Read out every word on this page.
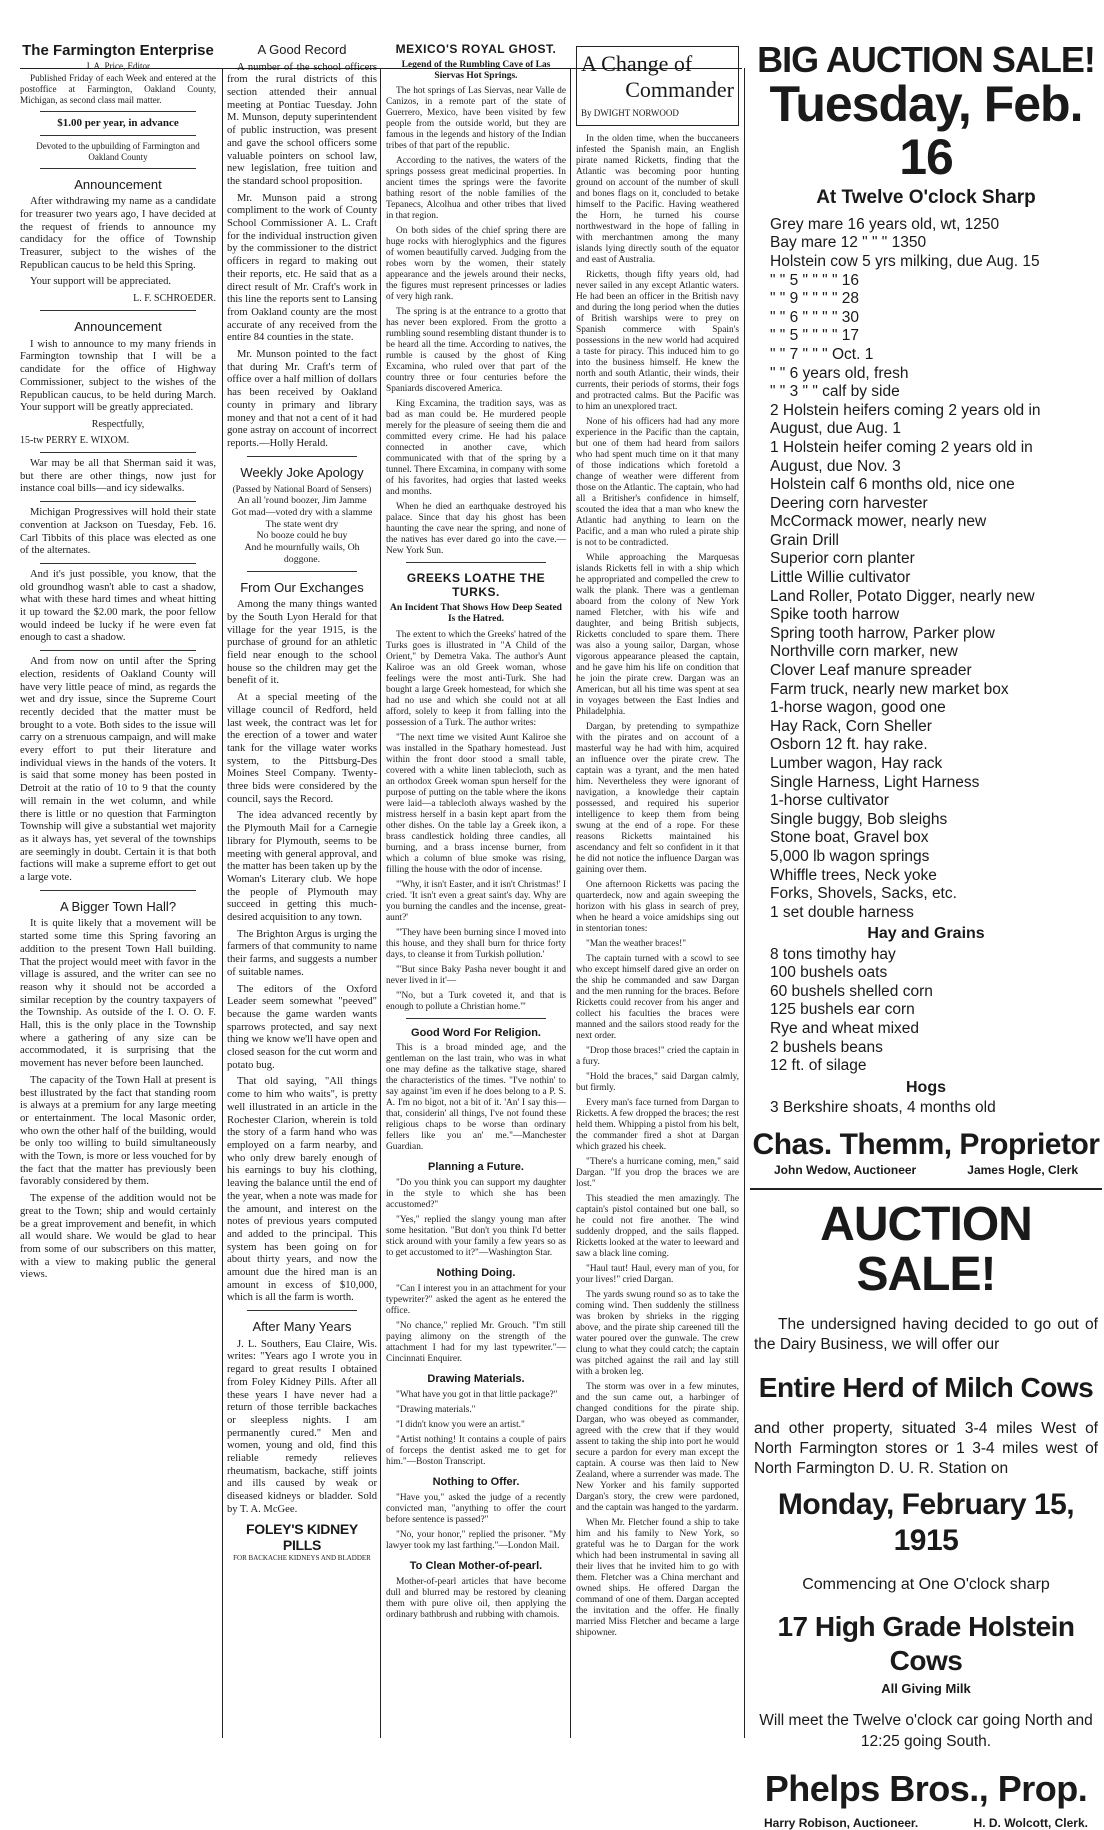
The Farmington Enterprise
J. A. Price, Editor

Published Friday of each Week and entered at the postoffice at Farmington, Oakland County, Michigan, as second class mail matter.

$1.00 per year, in advance
Devoted to the upbuilding of Farmington and Oakland County
Announcement

After withdrawing my name as a candidate for treasurer two years ago, I have decided at the request of friends to announce my candidacy for the office of Township Treasurer, subject to the wishes of the Republican caucus to be held this Spring.

Your support will be appreciated.

L. F. SCHROEDER.
Announcement

I wish to announce to my many friends in Farmington township that I will be a candidate for the office of Highway Commissioner, subject to the wishes of the Republican caucus, to be held during March. Your support will be greatly appreciated.

Respectfully,
15-tw PERRY E. WIXOM.

War may be all that Sherman said it was, but there are other things, now just for instance coal bills—and icy sidewalks.

Michigan Progressives will hold their state convention at Jackson on Tuesday, Feb. 16. Carl Tibbits of this place was elected as one of the alternates.

And it's just possible, you know, that the old groundhog wasn't able to cast a shadow, what with these hard times and wheat hitting it up toward the $2.00 mark, the poor fellow would indeed be lucky if he were even fat enough to cast a shadow.

And from now on until after the Spring election, residents of Oakland County will have very little peace of mind, as regards the wet and dry issue, since the Supreme Court recently decided that the matter must be brought to a vote. Both sides to the issue will carry on a strenuous campaign, and will make every effort to put their literature and individual views in the hands of the voters. It is said that some money has been posted in Detroit at the ratio of 10 to 9 that the county will remain in the wet column, and while there is little or no question that Farmington Township will give a substantial wet majority as it always has, yet several of the townships are seemingly in doubt. Certain it is that both factions will make a supreme effort to get out a large vote.

A Bigger Town Hall?

It is quite likely that a movement will be started some time this Spring favoring an addition to the present Town Hall building. That the project would meet with favor in the village is assured, and the writer can see no reason why it should not be accorded a similar reception by the country taxpayers of the Township. As outside of the I. O. O. F. Hall, this is the only place in the Township where a gathering of any size can be accommodated, it is surprising that the movement has never before been launched.

The capacity of the Town Hall at present is best illustrated by the fact that standing room is always at a premium for any large meeting or entertainment. The local Masonic order, who own the other half of the building, would be only too willing to build simultaneously with the Town, is more or less vouched for by the fact that the matter has previously been favorably considered by them.

The expense of the addition would not be great to the Town; ship and would certainly be a great improvement and benefit, in which all would share. We would be glad to hear from some of our subscribers on this matter, with a view to making public the general views.

A Good Record

A number of the school officers from the rural districts of this section attended their annual meeting at Pontiac Tuesday. John M. Munson, deputy superintendent of public instruction, was present and gave the school officers some valuable pointers on school law, new legislation, free tuition and the standard school proposition.

Mr. Munson paid a strong compliment to the work of County School Commissioner A. L. Craft for the individual instruction given by the commissioner to the district officers in regard to making out their reports, etc. He said that as a direct result of Mr. Craft's work in this line the reports sent to Lansing from Oakland county are the most accurate of any received from the entire 84 counties in the state.

Mr. Munson pointed to the fact that during Mr. Craft's term of office over a half million of dollars has been received by Oakland county in primary and library money and that not a cent of it had gone astray on account of incorrect reports.—Holly Herald.

Weekly Joke Apology
(Passed by National Board of Sensers)
An all 'round boozer, Jim Jamme
Got mad—voted dry with a slamme
The state went dry
No booze could he buy
And he mournfully wails, Oh doggone.
From Our Exchanges

Among the many things wanted by the South Lyon Herald for that village for the year 1915, is the purchase of ground for an athletic field near enough to the school house so the children may get the benefit of it.

At a special meeting of the village council of Redford, held last week, the contract was let for the erection of a tower and water tank for the village water works system, to the Pittsburg-Des Moines Steel Company. Twenty-three bids were considered by the council, says the Record.

The idea advanced recently by the Plymouth Mail for a Carnegie library for Plymouth, seems to be meeting with general approval, and the matter has been taken up by the Woman's Literary club. We hope the people of Plymouth may succeed in getting this much-desired acquisition to any town.

The Brighton Argus is urging the farmers of that community to name their farms, and suggests a number of suitable names.

The editors of the Oxford Leader seem somewhat "peeved" because the game warden wants sparrows protected, and say next thing we know we'll have open and closed season for the cut worm and potato bug.

That old saying, "All things come to him who waits", is pretty well illustrated in an article in the Rochester Clarion, wherein is told the story of a farm hand who was employed on a farm nearby, and who only drew barely enough of his earnings to buy his clothing, leaving the balance until the end of the year, when a note was made for the amount, and interest on the notes of previous years computed and added to the principal. This system has been going on for about thirty years, and now the amount due the hired man is an amount in excess of $10,000, which is all the farm is worth.

After Many Years

J. L. Southers, Eau Claire, Wis. writes: "Years ago I wrote you in regard to great results I obtained from Foley Kidney Pills. After all these years I have never had a return of those terrible backaches or sleepless nights. I am permanently cured." Men and women, young and old, find this reliable remedy relieves rheumatism, backache, stiff joints and ills caused by weak or diseased kidneys or bladder. Sold by T. A. McGee.

FOLEY'S KIDNEY PILLS
FOR BACKACHE KIDNEYS AND BLADDER
MEXICO'S ROYAL GHOST.
Legend of the Rumbling Cave of Las Siervas Hot Springs.

The hot springs of Las Siervas, near Valle de Canizos, in a remote part of the state of Guerrero, Mexico, have been visited by few people from the outside world, but they are famous in the legends and history of the Indian tribes of that part of the republic.

According to the natives, the waters of the springs possess great medicinal properties. In ancient times the springs were the favorite bathing resort of the noble families of the Tepanecs, Alcolhua and other tribes that lived in that region.

On both sides of the chief spring there are huge rocks with hieroglyphics and the figures of women beautifully carved. Judging from the robes worn by the women, their stately appearance and the jewels around their necks, the figures must represent princesses or ladies of very high rank.

The spring is at the entrance to a grotto that has never been explored. From the grotto a rumbling sound resembling distant thunder is to be heard all the time. According to natives, the rumble is caused by the ghost of King Excamina, who ruled over that part of the country three or four centuries before the Spaniards discovered America.

King Excamina, the tradition says, was as bad as man could be. He murdered people merely for the pleasure of seeing them die and committed every crime. He had his palace connected in another cave, which communicated with that of the spring by a tunnel. There Excamina, in company with some of his favorites, had orgies that lasted weeks and months.

When he died an earthquake destroyed his palace. Since that day his ghost has been haunting the cave near the spring, and none of the natives has ever dared go into the cave.—New York Sun.

GREEKS LOATHE THE TURKS.
An Incident That Shows How Deep Seated Is the Hatred.

The extent to which the Greeks' hatred of the Turks goes is illustrated in "A Child of the Orient," by Demetra Vaka. The author's Aunt Kaliroe was an old Greek woman, whose feelings were the most anti-Turk. She had bought a large Greek homestead, for which she had no use and which she could not at all afford, solely to keep it from falling into the possession of a Turk. The author writes:

"The next time we visited Aunt Kaliroe she was installed in the Spathary homestead. Just within the front door stood a small table, covered with a white linen tablecloth, such as an orthodox Greek woman spun herself for the purpose of putting on the table where the ikons were laid—a tablecloth always washed by the mistress herself in a basin kept apart from the other dishes. On the table lay a Greek ikon, a brass candlestick holding three candles, all burning, and a brass incense burner, from which a column of blue smoke was rising, filling the house with the odor of incense.

"'Why, it isn't Easter, and it isn't Christmas!' I cried. 'It isn't even a great saint's day. Why are you burning the candles and the incense, great-aunt?'

"'They have been burning since I moved into this house, and they shall burn for thrice forty days, to cleanse it from Turkish pollution.'

"'But since Baky Pasha never bought it and never lived in it'—

"'No, but a Turk coveted it, and that is enough to pollute a Christian home.'"

Good Word For Religion.

This is a broad minded age, and the gentleman on the last train, who was in what one may define as the talkative stage, shared the characteristics of the times. "I've nothin' to say against 'im even if he does belong to a P. S. A. I'm no bigot, not a bit of it. 'An' I say this—that, considerin' all things, I've not found these religious chaps to be worse than ordinary fellers like you an' me."—Manchester Guardian.

Planning a Future.

"Do you think you can support my daughter in the style to which she has been accustomed?"

"Yes," replied the slangy young man after some hesitation. "But don't you think I'd better stick around with your family a few years so as to get accustomed to it?"—Washington Star.

Nothing Doing.

"Can I interest you in an attachment for your typewriter?" asked the agent as he entered the office.

"No chance," replied Mr. Grouch. "I'm still paying alimony on the strength of the attachment I had for my last typewriter."—Cincinnati Enquirer.

Drawing Materials.

"What have you got in that little package?"

"Drawing materials."

"I didn't know you were an artist."

"Artist nothing! It contains a couple of pairs of forceps the dentist asked me to get for him."—Boston Transcript.

Nothing to Offer.

"Have you," asked the judge of a recently convicted man, "anything to offer the court before sentence is passed?"

"No, your honor," replied the prisoner. "My lawyer took my last farthing."—London Mail.

To Clean Mother-of-pearl.

Mother-of-pearl articles that have become dull and blurred may be restored by cleaning them with pure olive oil, then applying the ordinary bathbrush and rubbing with chamois.

A Change of
Commander
By DWIGHT NORWOOD

In the olden time, when the buccaneers infested the Spanish main, an English pirate named Ricketts, finding that the Atlantic was becoming poor hunting ground on account of the number of skull and bones flags on it, concluded to betake himself to the Pacific. Having weathered the Horn, he turned his course northwestward in the hope of falling in with merchantmen among the many islands lying directly south of the equator and east of Australia.

Ricketts, though fifty years old, had never sailed in any except Atlantic waters. He had been an officer in the British navy and during the long period when the duties of British warships were to prey on Spanish commerce with Spain's possessions in the new world had acquired a taste for piracy. This induced him to go into the business himself. He knew the north and south Atlantic, their winds, their currents, their periods of storms, their fogs and protracted calms. But the Pacific was to him an unexplored tract.

None of his officers had had any more experience in the Pacific than the captain, but one of them had heard from sailors who had spent much time on it that many of those indications which foretold a change of weather were different from those on the Atlantic. The captain, who had all a Britisher's confidence in himself, scouted the idea that a man who knew the Atlantic had anything to learn on the Pacific, and a man who ruled a pirate ship is not to be contradicted.

While approaching the Marquesas islands Ricketts fell in with a ship which he appropriated and compelled the crew to walk the plank. There was a gentleman aboard from the colony of New York named Fletcher, with his wife and daughter, and being British subjects, Ricketts concluded to spare them. There was also a young sailor, Dargan, whose vigorous appearance pleased the captain, and he gave him his life on condition that he join the pirate crew. Dargan was an American, but all his time was spent at sea in voyages between the East Indies and Philadelphia.

Dargan, by pretending to sympathize with the pirates and on account of a masterful way he had with him, acquired an influence over the pirate crew. The captain was a tyrant, and the men hated him. Nevertheless they were ignorant of navigation, a knowledge their captain possessed, and required his superior intelligence to keep them from being swung at the end of a rope. For these reasons Ricketts maintained his ascendancy and felt so confident in it that he did not notice the influence Dargan was gaining over them.

One afternoon Ricketts was pacing the quarterdeck, now and again sweeping the horizon with his glass in search of prey, when he heard a voice amidships sing out in stentorian tones:

"Man the weather braces!"

The captain turned with a scowl to see who except himself dared give an order on the ship he commanded and saw Dargan and the men running for the braces. Before Ricketts could recover from his anger and collect his faculties the braces were manned and the sailors stood ready for the next order.

"Drop those braces!" cried the captain in a fury.

"Hold the braces," said Dargan calmly, but firmly.

Every man's face turned from Dargan to Ricketts. A few dropped the braces; the rest held them. Whipping a pistol from his belt, the commander fired a shot at Dargan which grazed his cheek.

"There's a hurricane coming, men," said Dargan. "If you drop the braces we are lost."

This steadied the men amazingly. The captain's pistol contained but one ball, so he could not fire another. The wind suddenly dropped, and the sails flapped. Ricketts looked at the water to leeward and saw a black line coming.

"Haul taut! Haul, every man of you, for your lives!" cried Dargan.

The yards swung round so as to take the coming wind. Then suddenly the stillness was broken by shrieks in the rigging above, and the pirate ship careened till the water poured over the gunwale. The crew clung to what they could catch; the captain was pitched against the rail and lay still with a broken leg.

The storm was over in a few minutes, and the sun came out, a harbinger of changed conditions for the pirate ship. Dargan, who was obeyed as commander, agreed with the crew that if they would assent to taking the ship into port he would secure a pardon for every man except the captain. A course was then laid to New Zealand, where a surrender was made. The New Yorker and his family supported Dargan's story, the crew were pardoned, and the captain was hanged to the yardarm.

When Mr. Fletcher found a ship to take him and his family to New York, so grateful was he to Dargan for the work which had been instrumental in saving all their lives that he invited him to go with them. Fletcher was a China merchant and owned ships. He offered Dargan the command of one of them. Dargan accepted the invitation and the offer. He finally married Miss Fletcher and became a large shipowner.

BIG AUCTION SALE!
Tuesday, Feb. 16
At Twelve O'clock Sharp
Grey mare 16 years old, wt, 1250
Bay mare 12 " " " 1350
Holstein cow 5 yrs milking, due Aug. 15
" " 5 " " " " 16
" " 9 " " " " 28
" " 6 " " " " 30
" " 5 " " " " 17
" " 7 " " " Oct. 1
" " 6 years old, fresh
" " 3 " " calf by side
2 Holstein heifers coming 2 years old in
August, due Aug. 1
1 Holstein heifer coming 2 years old in
August, due Nov. 3
Holstein calf 6 months old, nice one
Deering corn harvester
McCormack mower, nearly new
Grain Drill
Superior corn planter
Little Willie cultivator
Land Roller, Potato Digger, nearly new
Spike tooth harrow
Spring tooth harrow, Parker plow
Northville corn marker, new
Clover Leaf manure spreader
Farm truck, nearly new market box
1-horse wagon, good one
Hay Rack, Corn Sheller
Osborn 12 ft. hay rake.
Lumber wagon, Hay rack
Single Harness, Light Harness
1-horse cultivator
Single buggy, Bob sleighs
Stone boat, Gravel box
5,000 lb wagon springs
Whiffle trees, Neck yoke
Forks, Shovels, Sacks, etc.
1 set double harness
Hay and Grains
8 tons timothy hay
100 bushels oats
60 bushels shelled corn
125 bushels ear corn
Rye and wheat mixed
2 bushels beans
12 ft. of silage
Hogs
3 Berkshire shoats, 4 months old
Chas. Themm, Proprietor
John Wedow, Auctioneer	James Hogle, Clerk
AUCTION SALE!
The undersigned having decided to go out of the Dairy Business, we will offer our
Entire Herd of Milch Cows
and other property, situated 3-4 miles West of North Farmington stores or 1 3-4 miles west of North Farmington D. U. R. Station on
Monday, February 15, 1915
Commencing at One O'clock sharp
17 High Grade Holstein Cows
All Giving Milk
Will meet the Twelve o'clock car going North and 12:25 going South.
Phelps Bros., Prop.
Harry Robison, Auctioneer.	H. D. Wolcott, Clerk.
